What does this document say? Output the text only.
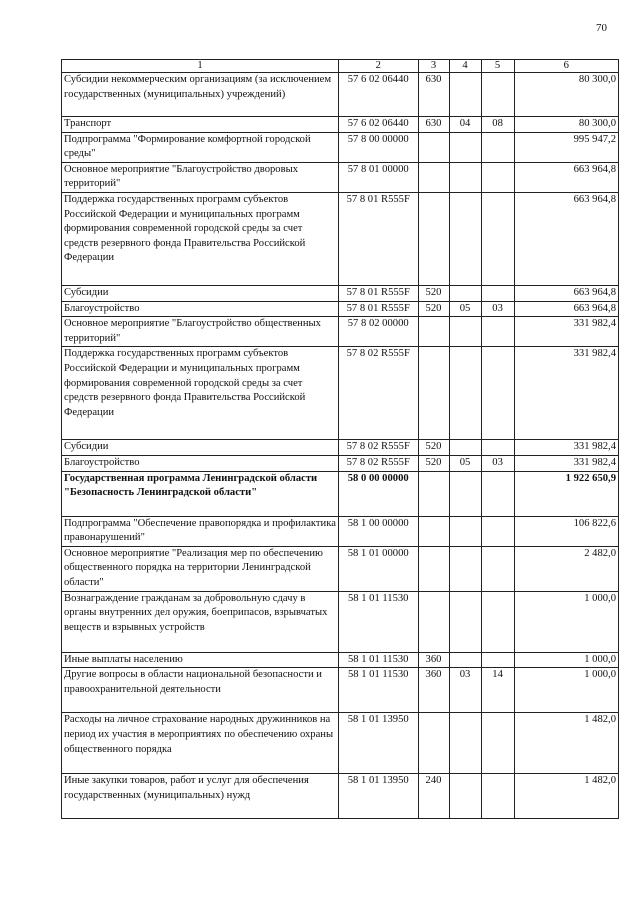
70
1	2	3	4	5	6
Субсидии некоммерческим организациям (за исключением государственных (муниципальных) учреждений)	57 6 02 06440	630			80 300,0
Транспорт	57 6 02 06440	630	04	08	80 300,0
Подпрограмма "Формирование комфортной городской среды"	57 8 00 00000				995 947,2
Основное мероприятие "Благоустройство дворовых территорий"	57 8 01 00000				663 964,8
Поддержка государственных программ субъектов Российской Федерации и муниципальных программ формирования современной городской среды за счет средств резервного фонда Правительства Российской Федерации	57 8 01 R555F				663 964,8
Субсидии	57 8 01 R555F	520			663 964,8
Благоустройство	57 8 01 R555F	520	05	03	663 964,8
Основное мероприятие "Благоустройство общественных территорий"	57 8 02 00000				331 982,4
Поддержка государственных программ субъектов Российской Федерации и муниципальных программ формирования современной городской среды за счет средств резервного фонда Правительства Российской Федерации	57 8 02 R555F				331 982,4
Субсидии	57 8 02 R555F	520			331 982,4
Благоустройство	57 8 02 R555F	520	05	03	331 982,4
Государственная программа Ленинградской области "Безопасность Ленинградской области"	58 0 00 00000				1 922 650,9
Подпрограмма "Обеспечение правопорядка и профилактика правонарушений"	58 1 00 00000				106 822,6
Основное мероприятие "Реализация мер по обеспечению общественного порядка на территории Ленинградской области"	58 1 01 00000				2 482,0
Вознаграждение гражданам за добровольную сдачу в органы внутренних дел оружия, боеприпасов, взрывчатых веществ и взрывных устройств	58 1 01 11530				1 000,0
Иные выплаты населению	58 1 01 11530	360			1 000,0
Другие вопросы в области национальной безопасности и правоохранительной деятельности	58 1 01 11530	360	03	14	1 000,0
Расходы на личное страхование народных дружинников на период их участия в мероприятиях по обеспечению охраны общественного порядка	58 1 01 13950				1 482,0
Иные закупки товаров, работ и услуг для обеспечения государственных (муниципальных) нужд	58 1 01 13950	240			1 482,0
